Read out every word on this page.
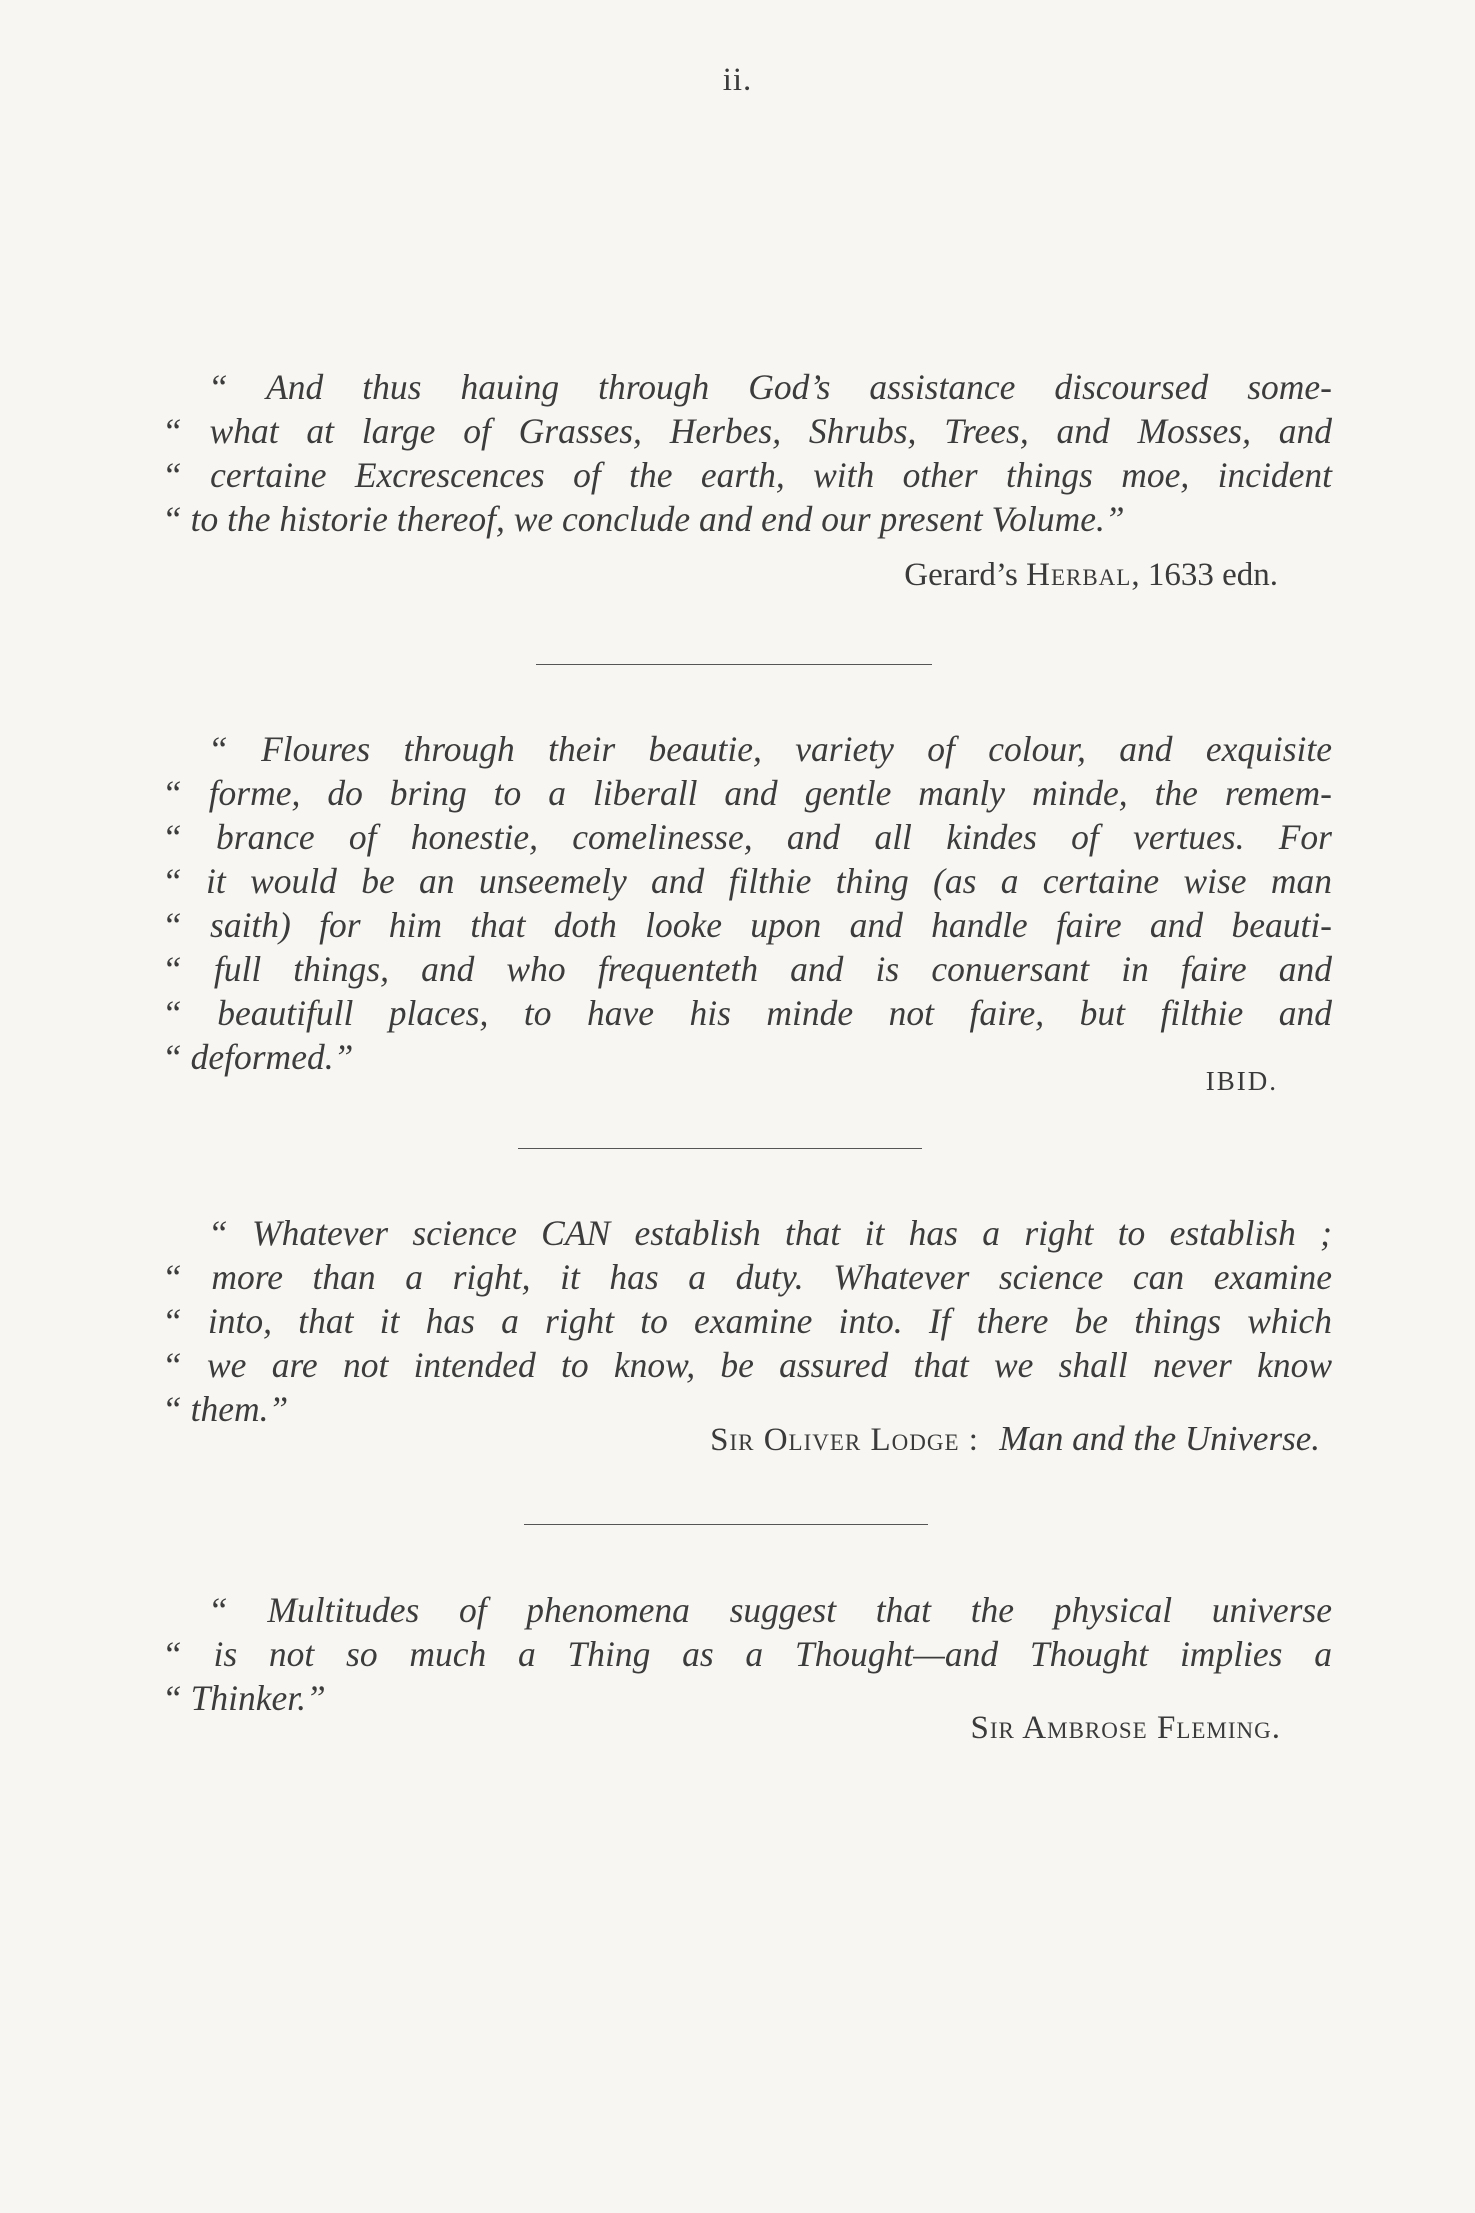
ii.
“ And thus hauing through God’s assistance discoursed some-
“ what at large of Grasses, Herbes, Shrubs, Trees, and Mosses, and
“ certaine Excrescences of the earth, with other things moe, incident
“ to the historie thereof, we conclude and end our present Volume.”
Gerard’s Herbal, 1633 edn.
“ Floures through their beautie, variety of colour, and exquisite
“ forme, do bring to a liberall and gentle manly minde, the remem-
“ brance of honestie, comelinesse, and all kindes of vertues. For
“ it would be an unseemely and filthie thing (as a certaine wise man
“ saith) for him that doth looke upon and handle faire and beauti-
“ full things, and who frequenteth and is conuersant in faire and
“ beautifull places, to have his minde not faire, but filthie and
“ deformed.”
IBID.
“ Whatever science CAN establish that it has a right to establish ;
“ more than a right, it has a duty. Whatever science can examine
“ into, that it has a right to examine into. If there be things which
“ we are not intended to know, be assured that we shall never know
“ them.”
Sir Oliver Lodge : Man and the Universe.
“ Multitudes of phenomena suggest that the physical universe
“ is not so much a Thing as a Thought—and Thought implies a
“ Thinker.”
Sir Ambrose Fleming.
